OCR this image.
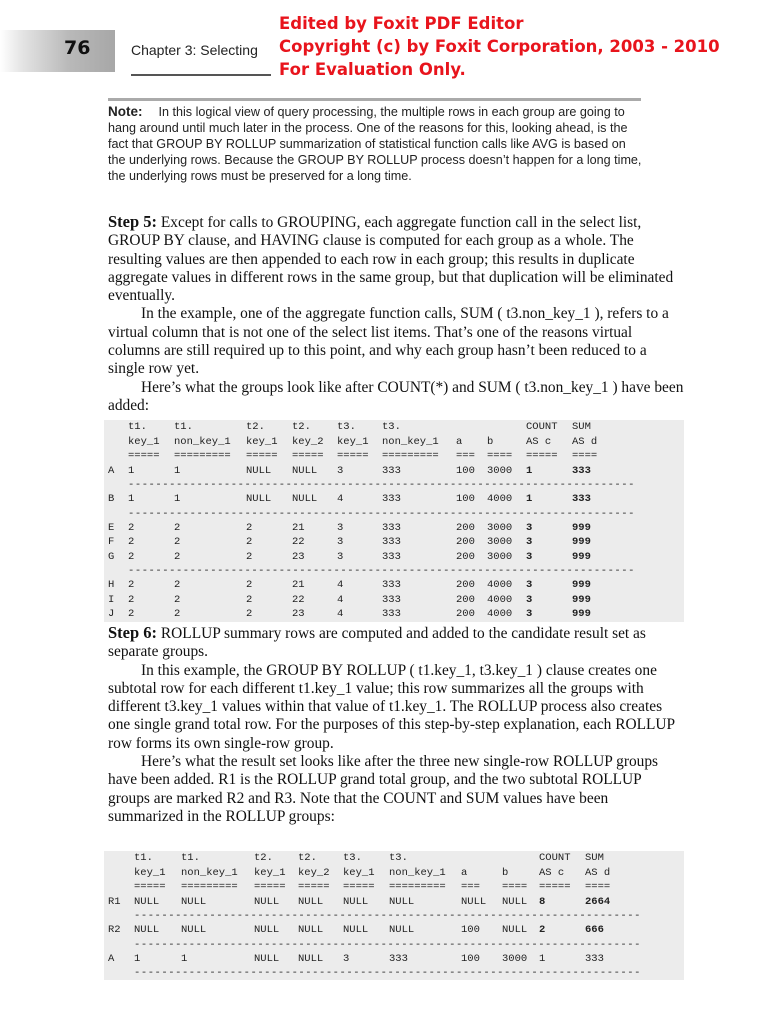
76	Chapter 3: Selecting
Edited by Foxit PDF Editor
Copyright (c) by Foxit Corporation, 2003 - 2010
For Evaluation Only.
Note: In this logical view of query processing, the multiple rows in each group are going to hang around until much later in the process. One of the reasons for this, looking ahead, is the fact that GROUP BY ROLLUP summarization of statistical function calls like AVG is based on the underlying rows. Because the GROUP BY ROLLUP process doesn’t happen for a long time, the underlying rows must be preserved for a long time.

Step 5: Except for calls to GROUPING, each aggregate function call in the select list, GROUP BY clause, and HAVING clause is computed for each group as a whole. The resulting values are then appended to each row in each group; this results in duplicate aggregate values in different rows in the same group, but that duplication will be eliminated eventually.

In the example, one of the aggregate function calls, SUM ( t3.non_key_1 ), refers to a virtual column that is not one of the select list items. That’s one of the reasons virtual columns are still required up to this point, and why each group hasn’t been reduced to a single row yet.

Here’s what the groups look like after COUNT(*) and SUM ( t3.non_key_1 ) have been added:

t1.	t1.	t2.	t2. t3. t3.	COUNT SUM
key_1 non_key_1 key_1 key_2 key_1 non_key_1 a b	AS c AS d
===== ========= ===== ===== ===== ========= === ==== ===== ====
A 1	1	NULL NULL 3	333	100 3000 1	333
--------------------------------------------------------------------------
B 1	1	NULL NULL 4	333	100 4000 1	333
--------------------------------------------------------------------------
E 2	2	2	21	3	333	200 3000 3	999
F 2	2	2	22	3	333	200 3000 3	999
G 2	2	2	23	3	333	200 3000 3	999
--------------------------------------------------------------------------
H 2	2	2	21	4	333	200 4000 3	999
I 2	2	2	22	4	333	200 4000 3	999
J 2	2	2	23	4	333	200 4000 3	999

Step 6: ROLLUP summary rows are computed and added to the candidate result set as separate groups.

In this example, the GROUP BY ROLLUP ( t1.key_1, t3.key_1 ) clause creates one subtotal row for each different t1.key_1 value; this row summarizes all the groups with different t3.key_1 values within that value of t1.key_1. The ROLLUP process also creates one single grand total row. For the purposes of this step-by-step explanation, each ROLLUP row forms its own single-row group.

Here’s what the result set looks like after the three new single-row ROLLUP groups have been added. R1 is the ROLLUP grand total group, and the two subtotal ROLLUP groups are marked R2 and R3. Note that the COUNT and SUM values have been summarized in the ROLLUP groups:

t1.	t1.	t2. t2. t3.	t3.	COUNT SUM
key_1 non_key_1 key_1 key_2 key_1 non_key_1 a	b	AS c AS d
===== ========= ===== ===== ===== ========= === ==== ===== ====
R1 NULL NULL	NULL NULL NULL NULL	NULL NULL 8	2664
--------------------------------------------------------------------------
R2 NULL NULL	NULL NULL NULL NULL	100 NULL 2	666
--------------------------------------------------------------------------
A 1	1	NULL NULL 3	333	100 3000 1	333
--------------------------------------------------------------------------
